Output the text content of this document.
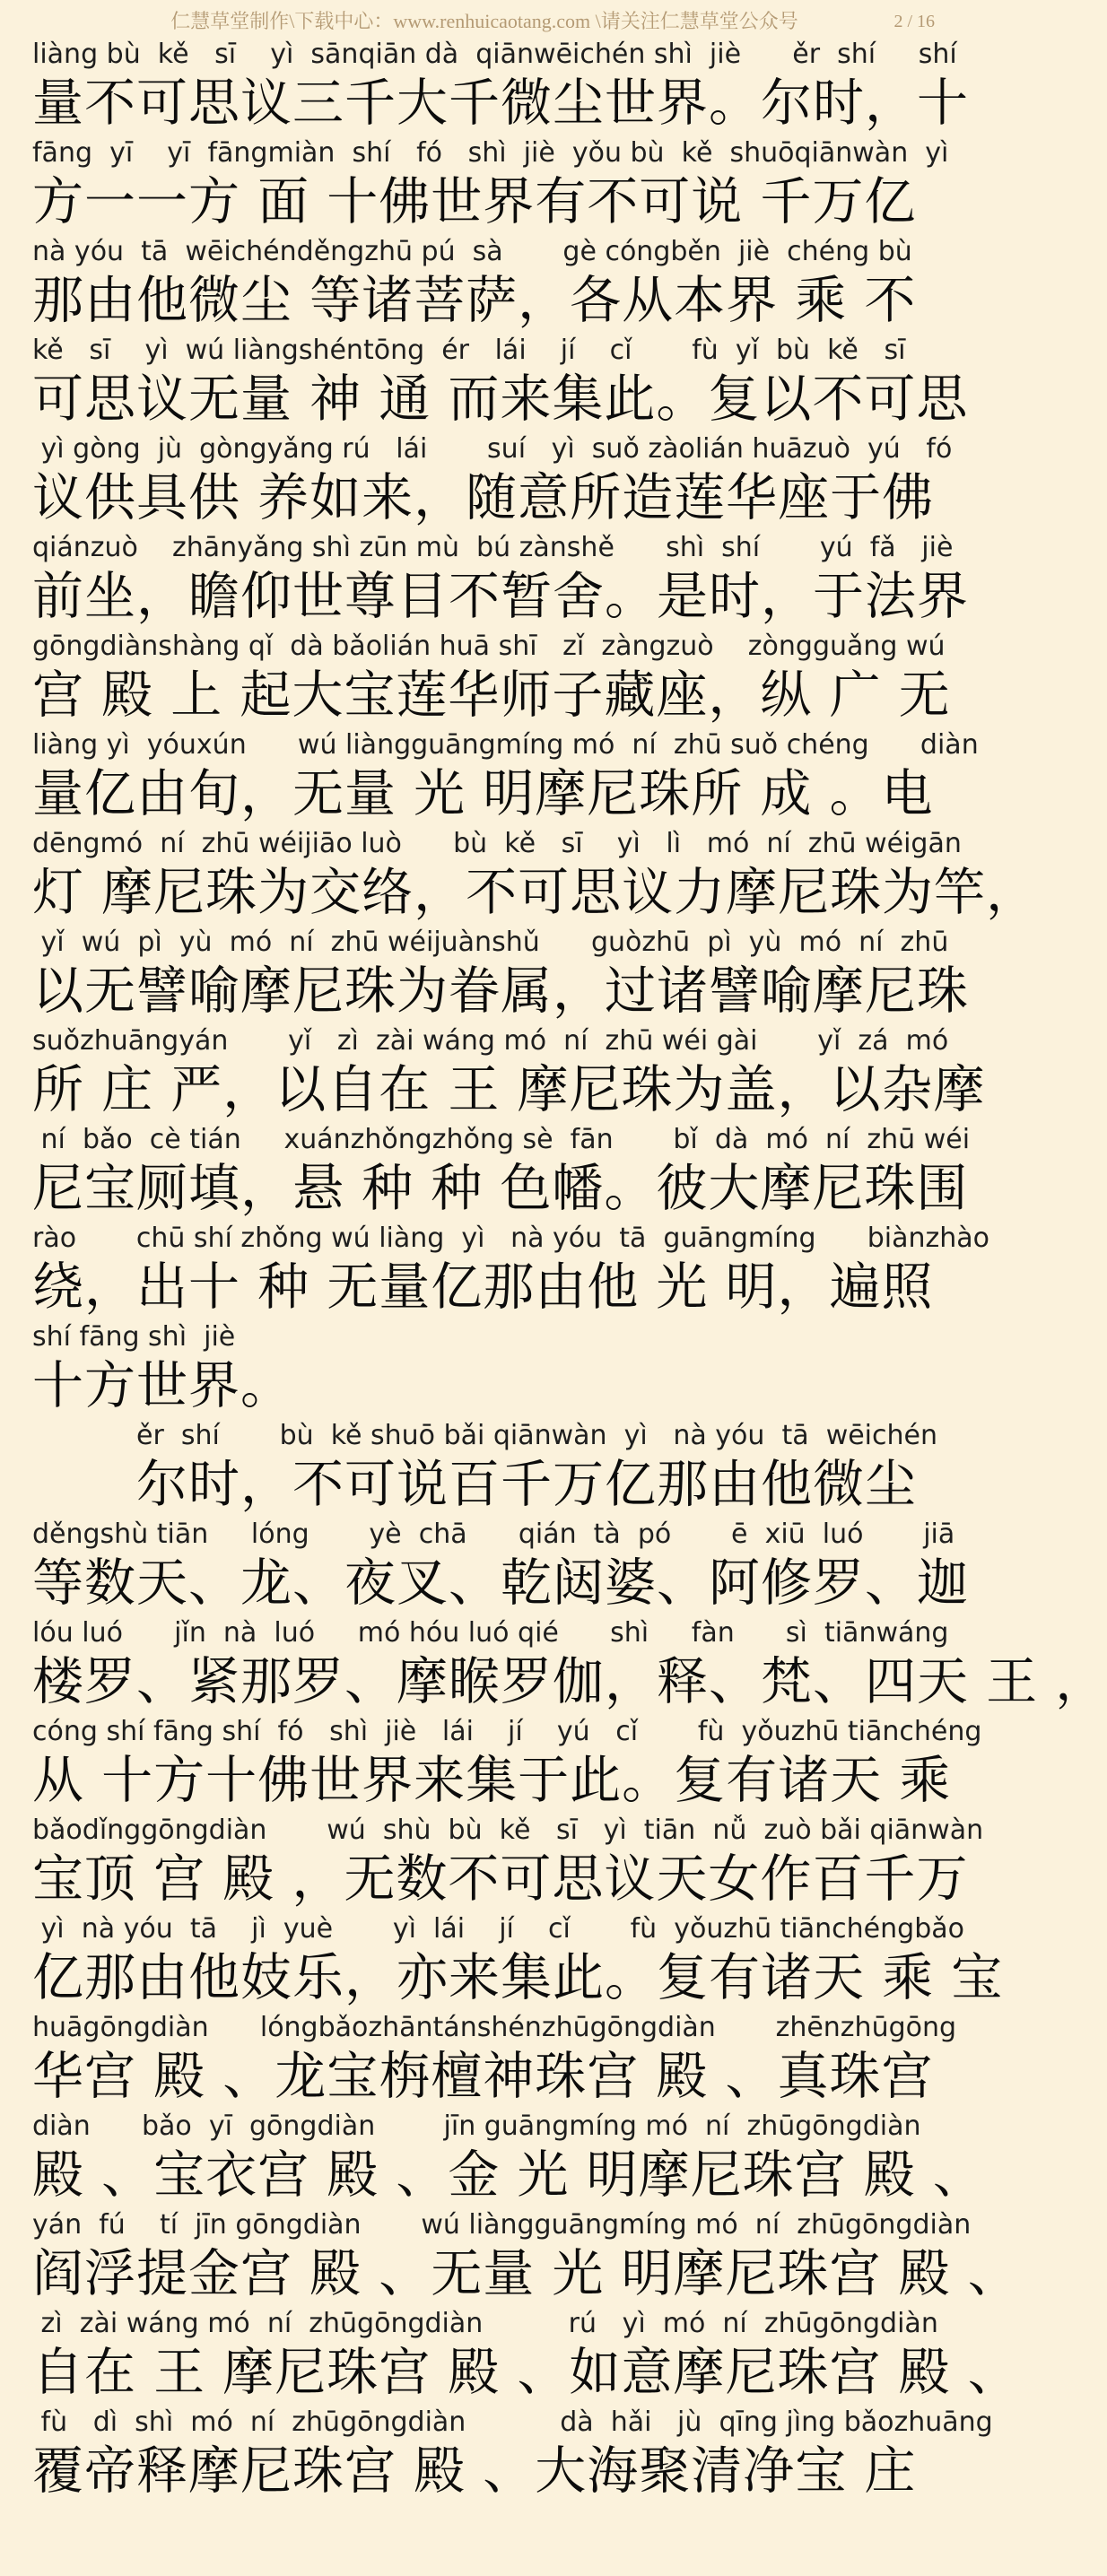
仁慧草堂制作\下载中心：www.renhuicaotang.com \请关注仁慧草堂公众号	2 / 16
liàng bù  kě   sī    yì  sānqiān dà  qiānwēichén shì  jiè      ěr  shí     shí
量不可思议三千大千微尘世界。尔时，十
fāng  yī    yī  fāngmiàn  shí   fó   shì  jiè  yǒu bù  kě  shuōqiānwàn  yì
方一一方 面 十佛世界有不可说 千万亿
nà yóu  tā  wēichénděngzhū pú  sà       gè cóngběn  jiè  chéng bù
那由他微尘 等诸菩萨，各从本界 乘 不
kě   sī    yì  wú liàngshéntōng  ér   lái    jí    cǐ       fù  yǐ  bù  kě   sī
可思议无量 神 通 而来集此。复以不可思
yì gòng  jù  gòngyǎng rú   lái       suí   yì  suǒ zàolián huāzuò  yú   fó
议供具供 养如来，随意所造莲华座于佛
qiánzuò    zhānyǎng shì zūn mù  bú zànshě      shì  shí       yú  fǎ   jiè
前坐，瞻仰世尊目不暂舍。是时，于法界
gōngdiànshàng qǐ  dà bǎolián huā shī   zǐ  zàngzuò    zòngguǎng wú
宫 殿 上 起大宝莲华师子藏座，纵 广 无
liàng yì  yóuxún      wú liàngguāngmíng mó  ní  zhū suǒ chéng      diàn
量亿由旬，无量 光 明摩尼珠所 成 。电
dēngmó  ní  zhū wéijiāo luò      bù  kě   sī    yì   lì   mó  ní  zhū wéigān
灯 摩尼珠为交络，不可思议力摩尼珠为竿，
yǐ  wú  pì  yù  mó  ní  zhū wéijuànshǔ      guòzhū  pì  yù  mó  ní  zhū
以无譬喻摩尼珠为眷属，过诸譬喻摩尼珠
suǒzhuāngyán       yǐ   zì  zài wáng mó  ní  zhū wéi gài       yǐ  zá  mó
所 庄 严，以自在 王 摩尼珠为盖，以杂摩
ní  bǎo  cè tián     xuánzhǒngzhǒng sè  fān       bǐ  dà  mó  ní  zhū wéi
尼宝厕填，悬 种 种 色幡。彼大摩尼珠围
rào       chū shí zhǒng wú liàng  yì   nà yóu  tā  guāngmíng      biànzhào
绕，出十 种 无量亿那由他 光 明，遍照
shí fāng shì  jiè
十方世界。
ěr  shí       bù  kě shuō bǎi qiānwàn  yì   nà yóu  tā  wēichén
尔时，不可说百千万亿那由他微尘
děngshù tiān     lóng       yè  chā      qián  tà  pó       ē  xiū  luó       jiā
等数天、龙、夜叉、乾闼婆、阿修罗、迦
lóu luó      jǐn  nà  luó     mó hóu luó qié      shì     fàn      sì  tiānwáng
楼罗、紧那罗、摩睺罗伽，释、梵、四天 王 ，
cóng shí fāng shí  fó   shì  jiè   lái    jí    yú   cǐ       fù  yǒuzhū tiānchéng
从 十方十佛世界来集于此。复有诸天 乘
bǎodǐnggōngdiàn       wú  shù  bù  kě   sī   yì  tiān  nǚ  zuò bǎi qiānwàn
宝顶 宫 殿 ，无数不可思议天女作百千万
yì  nà yóu  tā    jì  yuè       yì  lái    jí    cǐ       fù  yǒuzhū tiānchéngbǎo
亿那由他妓乐，亦来集此。复有诸天 乘 宝
huāgōngdiàn      lóngbǎozhāntánshénzhūgōngdiàn       zhēnzhūgōng
华宫 殿 、龙宝栴檀神珠宫 殿 、真珠宫
diàn      bǎo  yī  gōngdiàn        jīn guāngmíng mó  ní  zhūgōngdiàn
殿 、宝衣宫 殿 、金 光 明摩尼珠宫 殿 、
yán  fú    tí  jīn gōngdiàn       wú liàngguāngmíng mó  ní  zhūgōngdiàn
阎浮提金宫 殿 、无量 光 明摩尼珠宫 殿 、
zì  zài wáng mó  ní  zhūgōngdiàn          rú   yì  mó  ní  zhūgōngdiàn
自在 王 摩尼珠宫 殿 、如意摩尼珠宫 殿 、
fù   dì  shì  mó  ní  zhūgōngdiàn           dà  hǎi   jù  qīng jìng bǎozhuāng
覆帝释摩尼珠宫 殿 、大海聚清净宝 庄
